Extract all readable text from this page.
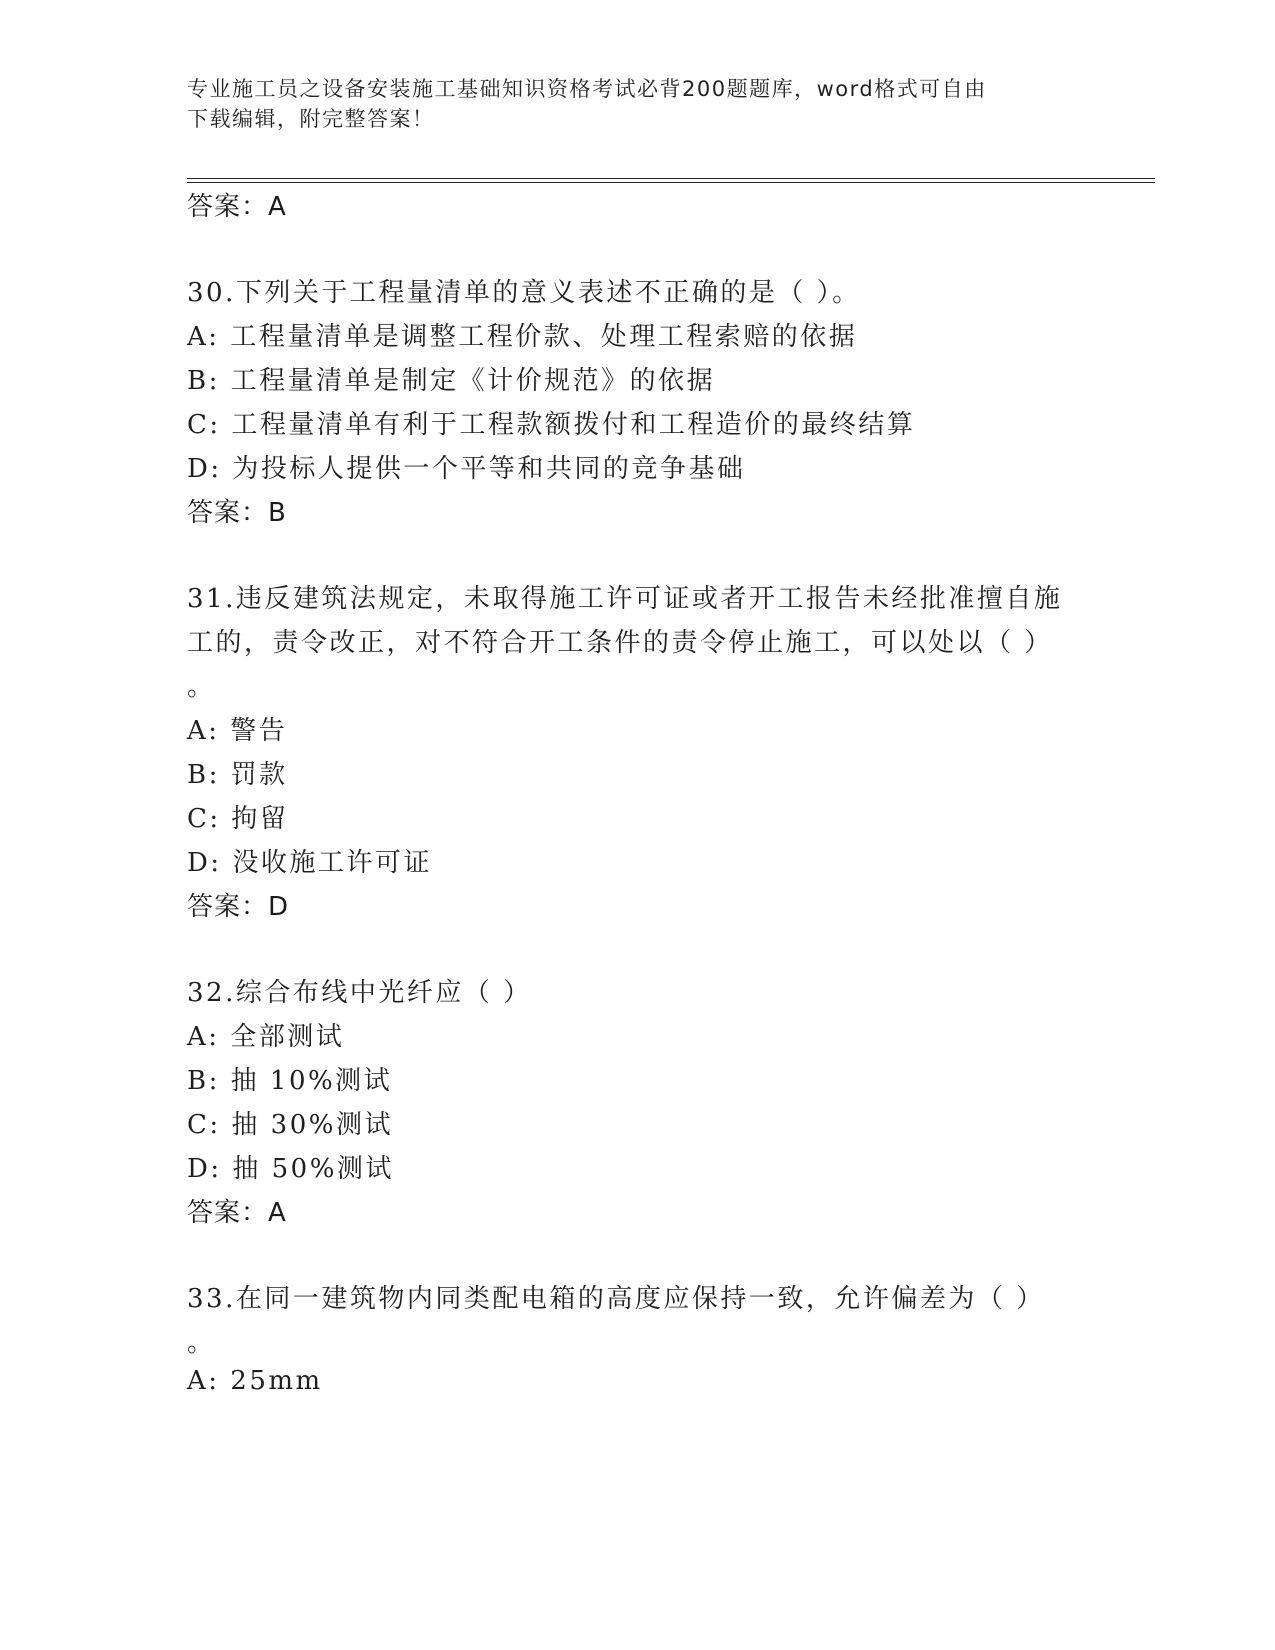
专业施工员之设备安装施工基础知识资格考试必背200题题库，word格式可自由
下载编辑，附完整答案！
答案：A
30.下列关于工程量清单的意义表述不正确的是（ ）。
A: 工程量清单是调整工程价款、处理工程索赔的依据
B: 工程量清单是制定《计价规范》的依据
C: 工程量清单有利于工程款额拨付和工程造价的最终结算
D: 为投标人提供一个平等和共同的竞争基础
答案：B
31.违反建筑法规定，未取得施工许可证或者开工报告未经批准擅自施
工的，责令改正，对不符合开工条件的责令停止施工，可以处以（ ）
。
A: 警告
B: 罚款
C: 拘留
D: 没收施工许可证
答案：D
32.综合布线中光纤应（ ）
A: 全部测试
B: 抽 10%测试
C: 抽 30%测试
D: 抽 50%测试
答案：A
33.在同一建筑物内同类配电箱的高度应保持一致，允许偏差为（ ）
。
A: 25mm
